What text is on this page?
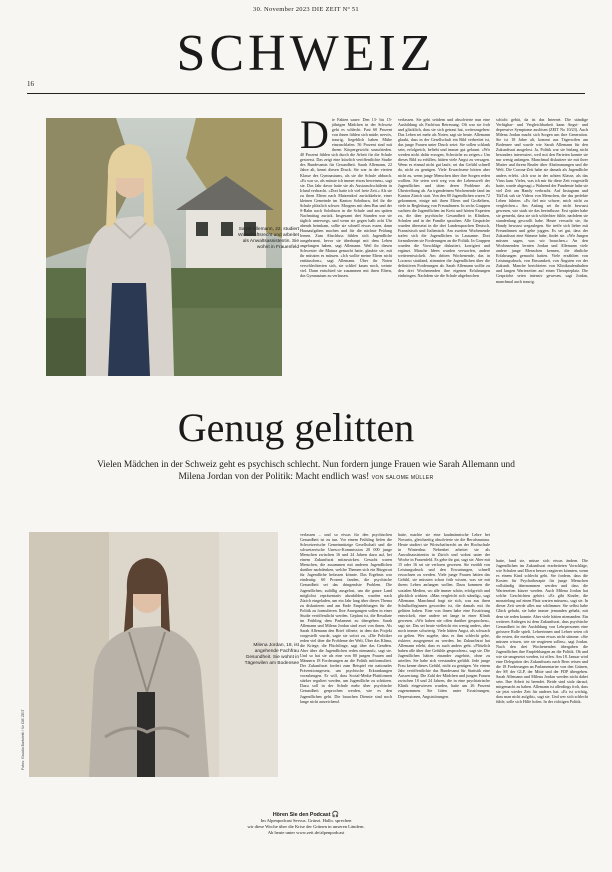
30. November 2023 DIE ZEIT Nº 51
SCHWEIZ
16
Sarah Allemann, 22, studiert Wirtschaftsrecht und arbeitet als Anwaltsassistentin. Sie wohnt in Frauenfeld
Die Fakten sauer: Den 13- bis 15-jährigen Mädchen in der Schweiz geht es schlecht. Fast 60 Prozent von ihnen fühlen sich müde, nervös, traurig, liegeblich haben Mühe einzuschlafen. 56 Prozent sind mit ihrem Körpergewicht unzufrieden. 40 Prozent fühlen sich durch die Arbeit für die Schule gestresst. Das zeigt eine kürzlich veröffentlichte Studie des Bundesamts für Gesundheit. Sarah Allemann, 22 Jahre alt, kennt diesen Druck. Sie war in der vierten Klasse des Gymnasiums, als sie die Schule abbrach. »Es war so, als müsste ich immer etwas beweisen«, sagt sie. Das Jahr davor hatte sie als Austauschschülerin in Irland verbracht. »Dort hatte ich viel freie Zeit.« Als sie zu ihren Eltern nach Matzendorf zurückkehrte, einer kleinen Gemeinde im Kanton Solothurn, fiel ihr die Schule plötzlich schwer. Morgens mit dem Bus und der S-Bahn nach Solothurn in die Schule und am späten Nachmittag zurück. Insgesamt drei Stunden war sie täglich unterwegs, und wenn sie gegen halb acht Uhr abends heimkam, sollte sie schnell etwas essen, dann Hausaufgaben machen und für die nächste Prüfung lernen. Zum Abschluss fühlen sich Jugendliche ausgebrannt, bevor sie überhaupt mit dem Leben angefangen haben, sagt Allemann. Weil ihr diesen Schwester die Matura gemacht hatte, glaubte sie, mit ihr müssten es müssen. »Ich wollte meine Eltern nicht enttäuschen«, sagt Allemann. Über ihr Noten verschlechterten sich, sie schlief kaum noch, weinte viel. Dann entschied sie zusammen mit ihren Eltern, das Gymnasium zu verlassen.
verlassen. Sie geht seitdem und absolvierte nun eine Ausbildung als Fachfrau Betreuung. Oft war sie froh und glücklich, dass sie sich getraut hat, weiterzugehen: Das Leben sei mehr als Noten, sagt sie heute. Allemann glaubt, dass in der Gesellschaft ein Bild verbreitet ist, das junge Frauen unter Druck setzt: Sie sollen schlank sein, erfolgreich, beliebt und immer gut gelaunt. »Wir werden nicht dafür erzogen, Schwäche zu zeigen.« Um dieses Bild zu erfüllen, hätten viele Angst zu versagen. Wenn es einmal nicht gut laufe, sei das Gefühl schnell da, nicht zu genügen. Viele Erwachsene hörten aber nicht zu, wenn junge Menschen über ihre Sorgen reden wollten. Sie seien weit weg von der Lebenswelt der Jugendlichen und täten deren Probleme als Übertreibung ab. An irgendeinem Wochenende fand im Kanton Zürich statt. Von den 80 Jugendlichen waren 72 gekommen, einige mit ihren Eltern und Großeltern, viele in Begleitung von Freundinnen. In sechs Gruppen suchten die Jugendlichen im Kreis und hörten Experten zu, die über psychische Gesundheit in Kliniken, Schulen und in der Familie sprachen. Alle Gespräche wurden übersetzt in die drei Landessprachen Deutsch, Französisch und Italienisch. Am zweiten Wochenende trafen sich die Jugendlichen in Lausanne. Dort formulierten sie Forderungen an die Politik. In Gruppen wurden die Vorschläge diskutiert, korrigiert und ergänzt. Manche Ideen wurden verworfen, andere weiterentwickelt. Am dritten Wochenende, das in Locarno stattfand, stimmten die Jugendlichen über die definitiven Forderungen ab. Sarah Allemann wollte zu den drei Wochenenden ihre eigenen Erfahrungen einbringen. Nachdem sie die Schule abgebrochen
schicht gebät, da ist das Internet. Die ständige Verfügbar- und Vergleichbarkeit kann Angst- und depressive Symptome auslösen (ZEIT No 10/23). Auch Milena Jordan macht sich Sorgen um ihre Generation. Sie ist 18 Jahre alt, kommt aus Tägerwilen am Bodensee und wurde wie Sarah Allemann für den Zukunftsrat ausgelost. Ja, Politik war sie bislang nicht besonders interessiert, weil mit den Parteien konnte sie nur wenig anfangen. Manchmal diskutiere sie mit ihrer Mutter und ihrem Bruder über Abstimmungen und die Welt. Die Corona-Zeit habe sie damals als Jugendliche anders erlebt. »Ich war in der achten Klasse, als das Virus kam. Vieles, was ich mir für diese Zeit vorgestellt hatte, wurde abgesagt.« Wahrend der Pandemie habe sie viel Zeit am Handy verbracht. Auf Instagram und TikTok sah sie Videos von Menschen, die das perfekte Leben führten. »Es fiel mir schwer, mich nicht zu vergleichen.« Am Anfang sei ihr nicht bewusst gewesen, wie stark sie das beeinflusse. Erst später habe sie gemerkt, dass sie sich schlechter fühle, nachdem sie stundenlang gescrollt habe. Heute versucht sie, ihr Handy bewusst wegzulegen. Sie treffe sich lieber mit Freundinnen und gehe joggen. Es sei gut, dass der Zukunftsrat eine Stimme habe, findet sie. »Wir Jungen müssen sagen, was wir brauchen.« An den Wochenenden lernten Jordan und Allemann viele andere junge Menschen kennen, die ähnliche Erfahrungen gemacht hatten. Viele erzählten von Leistungsdruck, von Einsamkeit, von Ängsten vor der Zukunft. Manche berichteten von Klinikaufenthalten und langen Wartezeiten auf einen Therapieplatz. Die Gespräche seien intensiv gewesen, sagt Jordan, manchmal auch traurig.
Genug gelitten
Vielen Mädchen in der Schweiz geht es psychisch schlecht. Nun fordern junge Frauen wie Sarah Allemann und Milena Jordan von der Politik: Macht endlich was! VON SALOME MÜLLER
Fotos: Gaudia Bartoletti / für DIE ZEIT
Milena Jordan, 18, ist angehende Fachfrau Gesundheit. Sie wohnt in Tägerwilen am Bodensee
verlassen – und so etwas für den psychischen Gesundheit ist zu tun. Vor einem Frühling liefen die Schweizerische Gemeinnützige Gesellschaft und die schweizerische Unesco-Kommission 20 000 junge Menschen zwischen 16 und 24 Jahren dazu auf, bei einem Zukunftsrat mitzuwirken. Gesucht waren Menschen, die zusammen mit anderen Jugendlichen darüber nachdenken, welche Themen sich ein Bürgerrat für Jugendliche befassen könnte. Das Ergebnis war eindeutig: 60 Prozent fanden, die psychische Gesundheit sei das dringendste Problem. Die Jugendlichen, zufällig ausgelost, um die ganze Land möglichst repräsentativ abzubilden, wurden nach Zürich eingeladen, um ein Jahr lang über dieses Thema zu diskutieren und am Ende Empfehlungen für die Politik zu formulieren. Ihre Anregungen sollen in einer Studie veröffentlicht werden. Geplant ist, die Resultate im Frühling dem Parlament zu übergeben. Sarah Allemann und Milena Jordan sind zwei von ihnen. Als Sarah Allemann den Brief öffnete, in dem das Projekt vorgestellt wurde, sagte sie sofort zu. »Die Politiker reden viel über die Probleme der Welt, Über das Klima, die Kriege, die Flüchtlinge, sagt über das Gendërn. Aber über die Jugendlichen reden niemand«, sagt sie. Und so hat sie als eine von 80 jungen Frauen und Männern 18 Forderungen an die Politik mitformuliert. Der Zukunftsrat fordert zum Beispiel ein nationales Präventionsgesetz, um psychische Erkrankungen vorzubeugen. Er will, dass Social-Media-Plattformen stärker reguliert werden, um Jugendliche zu schützen. Dazu soll in der Schule mehr über psychische Gesundheit gesprochen werden, wie es den Jugendlichen geht. Die brauchen Dienste sind noch lange nicht ausreichend.
hatte, machte sie eine kaufmännische Lehre bei Novartis, gleichzeitig absolvierte sie die Berufsmatura. Heute studiert sie Wirtschaftsrecht an der Hochschule in Winterthur. Nebenbei arbeitet sie als Anwaltsassistentin in Zürich und wohnt unter der Woche in Frauenfeld. Es gehe ihr gut, sagt sie. Aber mit 15 oder 16 sei sie verloren gewesen. Sie erzählt von Leistungsdruck und den Erwartungen, schnell erwachsen zu werden. Viele junge Frauen hätten das Gefühl, sie müssten schon früh wissen, was sie mit ihrem Leben anfangen wollen. Dazu kommen die sozialen Medien, wo alle immer schön, erfolgreich und glücklich wirkten. »Man vergleicht sich ständig«, sagt Allemann. Manchmal fragt sie sich, was aus ihren Schulkolleginnen geworden ist, die damals mit ihr gelitten haben. Eine von ihnen habe eine Essstörung entwickelt, eine andere sei lange in einer Klinik gewesen. »Wir haben nie offen darüber gesprochen«, sagt sie. Das sei heute vielleicht ein wenig anders, aber noch immer schwierig. Viele hätten Angst, als schwach zu gelten. Wer zugebe, dass es ihm schlecht gehe, riskiere, ausgegrenzt zu werden. Im Zukunftsrat hat Allemann erlebt, dass es auch anders geht. »Plötzlich haben alle über ihre Gefühle gesprochen«, sagt sie. Die Jugendlichen hätten einander zugehört, ohne zu urteilen. Sie habe sich verstanden gefühlt. Jede junge Frau kenne dieses Gefühl, nicht zu genügen. Vor einem Jahr veröffentlichte das Bundesamt für Statistik eine Auswertung: Die Zahl der Mädchen und jungen Frauen zwischen 10 und 24 Jahren, die in eine psychiatrische Klinik eingewiesen wurden, hatte um 26 Prozent zugenommen. Sie litten unter Essstörungen, Depressionen, Angststörungen.
hatte, fand sie, müsse sich etwas ändern. Die Jugendlichen im Zukunftsrat erarbeiteten Vorschläge, wie Schulen und Eltern besser reagieren könnten, wenn es einem Kind schlecht geht. Sie fordern, dass die Kosten für Psychotherapie für junge Menschen vollständig übernommen werden und dass die Wartezeiten kürzer werden. Auch Milena Jordan hat solche Geschichten gehört. »Es gibt Kinder, die monatelang auf einen Platz warten müssen«, sagt sie. In dieser Zeit werde alles nur schlimmer. Sie selbst habe Glück gehabt, sie habe immer jemanden gehabt, mit dem sie reden konnte. Aber viele hätten niemanden. Ein weiteres Anliegen ist dem Zukunftsrat, dass psychische Gesundheit in der Ausbildung von Lehrpersonen eine grössere Rolle spielt. Lehrerinnen und Lehrer seien oft die ersten, die merkten, wenn etwas nicht stimme. »Sie müssen wissen, wie sie reagieren sollen«, sagt Jordan. Nach den drei Wochenenden übergaben die Jugendlichen ihre Empfehlungen an die Politik. Ob und wie sie umgesetzt werden, ist offen. Am 18. Januar wird eine Delegation des Zukunftsrats nach Bern reisen und die 18 Forderungen an Parlamentarier von den Grünen, der SP, der GLP, der Mitte und der FDP übergeben. Sarah Allemann und Milena Jordan werden nicht dabei sein. Ihre Arbeit ist beendet. Beide sind stolz darauf, mitgemacht zu haben. Allemann ist allerdings froh, dass sie jetzt wieder Zeit für anderes hat. »Es ist wichtig, dass man nicht aufgibt«, sagt sie. Und wer sich schlecht fühle, solle sich Hilfe holen. In der richtigen Politik.
Hören Sie den Podcast 🎧
Im Alpenpodcast Servus. Grüezi. Hallo. sprechen
wir diese Woche über die Krise der Grünen in unseren Ländern.
Ab heute unter www.zeit.de/alpenpodcast
